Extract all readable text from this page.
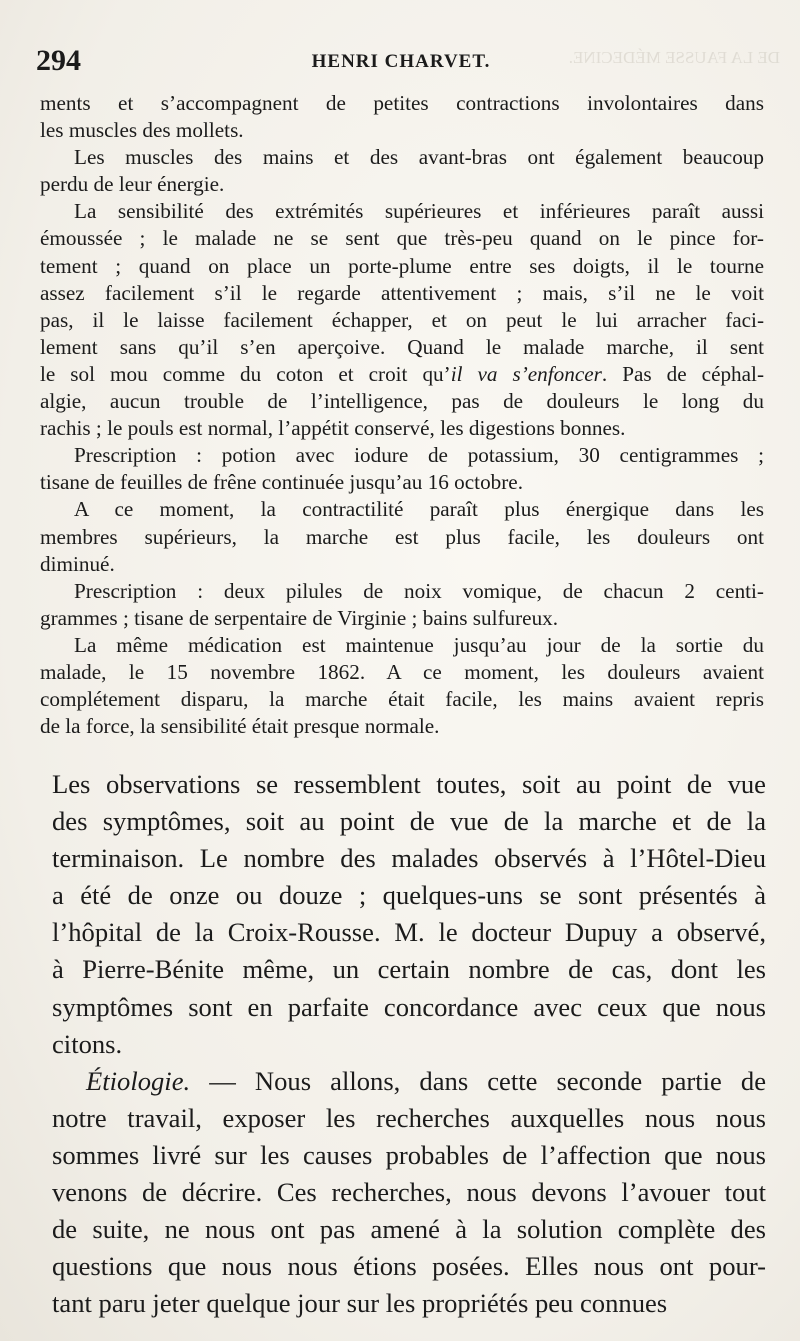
DE LA FAUSSE MÉDECINE.
294	HENRI CHARVET.

ments et s’accompagnent de petites contractions involontaires dans
les muscles des mollets.

Les muscles des mains et des avant-bras ont également beaucoup
perdu de leur énergie.

La sensibilité des extrémités supérieures et inférieures paraît aussi
émoussée ; le malade ne se sent que très-peu quand on le pince for-
tement ; quand on place un porte-plume entre ses doigts, il le tourne
assez facilement s’il le regarde attentivement ; mais, s’il ne le voit
pas, il le laisse facilement échapper, et on peut le lui arracher faci-
lement sans qu’il s’en aperçoive. Quand le malade marche, il sent
le sol mou comme du coton et croit qu’il va s’enfoncer. Pas de céphal-
algie, aucun trouble de l’intelligence, pas de douleurs le long du
rachis ; le pouls est normal, l’appétit conservé, les digestions bonnes.

Prescription : potion avec iodure de potassium, 30 centigrammes ;
tisane de feuilles de frêne continuée jusqu’au 16 octobre.

A ce moment, la contractilité paraît plus énergique dans les
membres supérieurs, la marche est plus facile, les douleurs ont
diminué.

Prescription : deux pilules de noix vomique, de chacun 2 centi-
grammes ; tisane de serpentaire de Virginie ; bains sulfureux.

La même médication est maintenue jusqu’au jour de la sortie du
malade, le 15 novembre 1862. A ce moment, les douleurs avaient
complétement disparu, la marche était facile, les mains avaient repris
de la force, la sensibilité était presque normale.

Les observations se ressemblent toutes, soit au point de vue
des symptômes, soit au point de vue de la marche et de la
terminaison. Le nombre des malades observés à l’Hôtel-Dieu
a été de onze ou douze ; quelques-uns se sont présentés à
l’hôpital de la Croix-Rousse. M. le docteur Dupuy a observé,
à Pierre-Bénite même, un certain nombre de cas, dont les
symptômes sont en parfaite concordance avec ceux que nous
citons.

Étiologie. — Nous allons, dans cette seconde partie de
notre travail, exposer les recherches auxquelles nous nous
sommes livré sur les causes probables de l’affection que nous
venons de décrire. Ces recherches, nous devons l’avouer tout
de suite, ne nous ont pas amené à la solution complète des
questions que nous nous étions posées. Elles nous ont pour-
tant paru jeter quelque jour sur les propriétés peu connues
